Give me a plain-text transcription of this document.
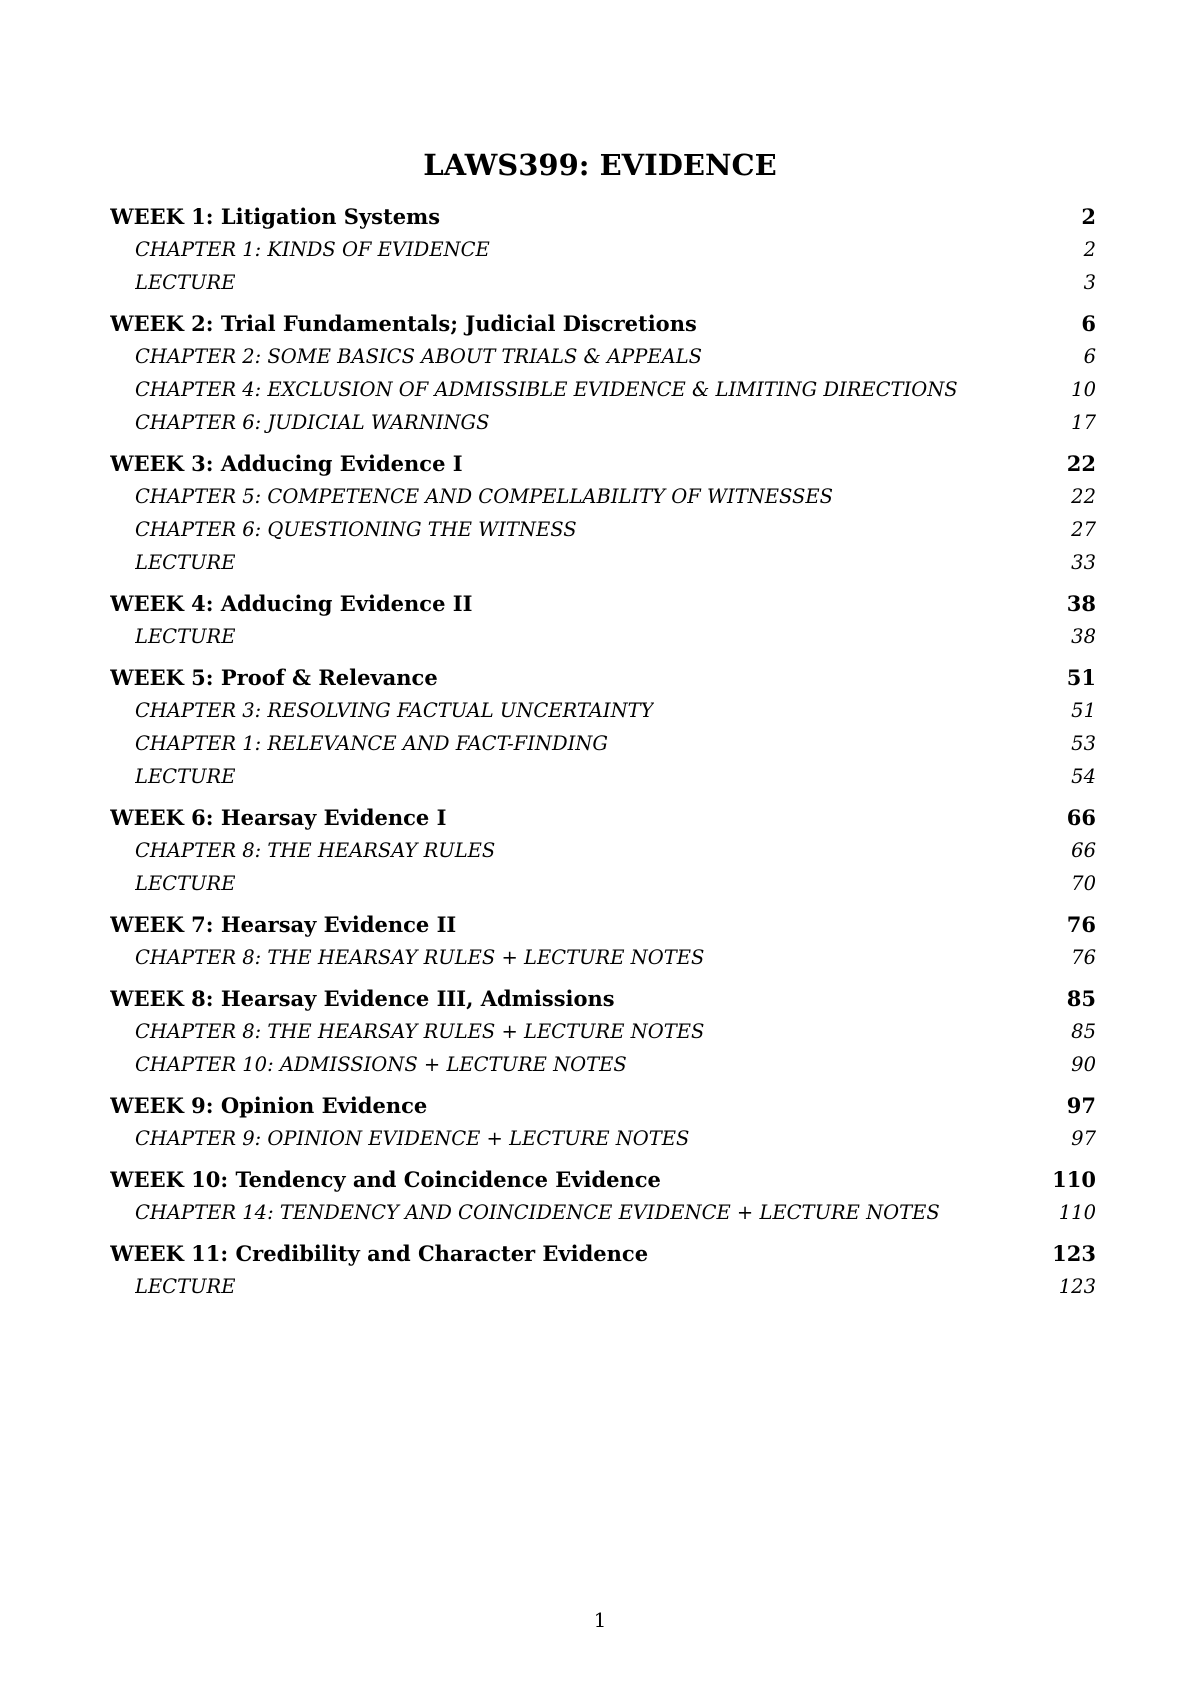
LAWS399: EVIDENCE
WEEK 1: Litigation Systems	2
CHAPTER 1: KINDS OF EVIDENCE	2
LECTURE	3
WEEK 2: Trial Fundamentals; Judicial Discretions	6
CHAPTER 2: SOME BASICS ABOUT TRIALS & APPEALS	6
CHAPTER 4: EXCLUSION OF ADMISSIBLE EVIDENCE & LIMITING DIRECTIONS	10
CHAPTER 6: JUDICIAL WARNINGS	17
WEEK 3: Adducing Evidence I	22
CHAPTER 5: COMPETENCE AND COMPELLABILITY OF WITNESSES	22
CHAPTER 6: QUESTIONING THE WITNESS	27
LECTURE	33
WEEK 4: Adducing Evidence II	38
LECTURE	38
WEEK 5: Proof & Relevance	51
CHAPTER 3: RESOLVING FACTUAL UNCERTAINTY	51
CHAPTER 1: RELEVANCE AND FACT-FINDING	53
LECTURE	54
WEEK 6: Hearsay Evidence I	66
CHAPTER 8: THE HEARSAY RULES	66
LECTURE	70
WEEK 7: Hearsay Evidence II	76
CHAPTER 8: THE HEARSAY RULES + LECTURE NOTES	76
WEEK 8: Hearsay Evidence III, Admissions	85
CHAPTER 8: THE HEARSAY RULES + LECTURE NOTES	85
CHAPTER 10: ADMISSIONS + LECTURE NOTES	90
WEEK 9: Opinion Evidence	97
CHAPTER 9: OPINION EVIDENCE + LECTURE NOTES	97
WEEK 10: Tendency and Coincidence Evidence	110
CHAPTER 14: TENDENCY AND COINCIDENCE EVIDENCE + LECTURE NOTES	110
WEEK 11: Credibility and Character Evidence	123
LECTURE	123
1
